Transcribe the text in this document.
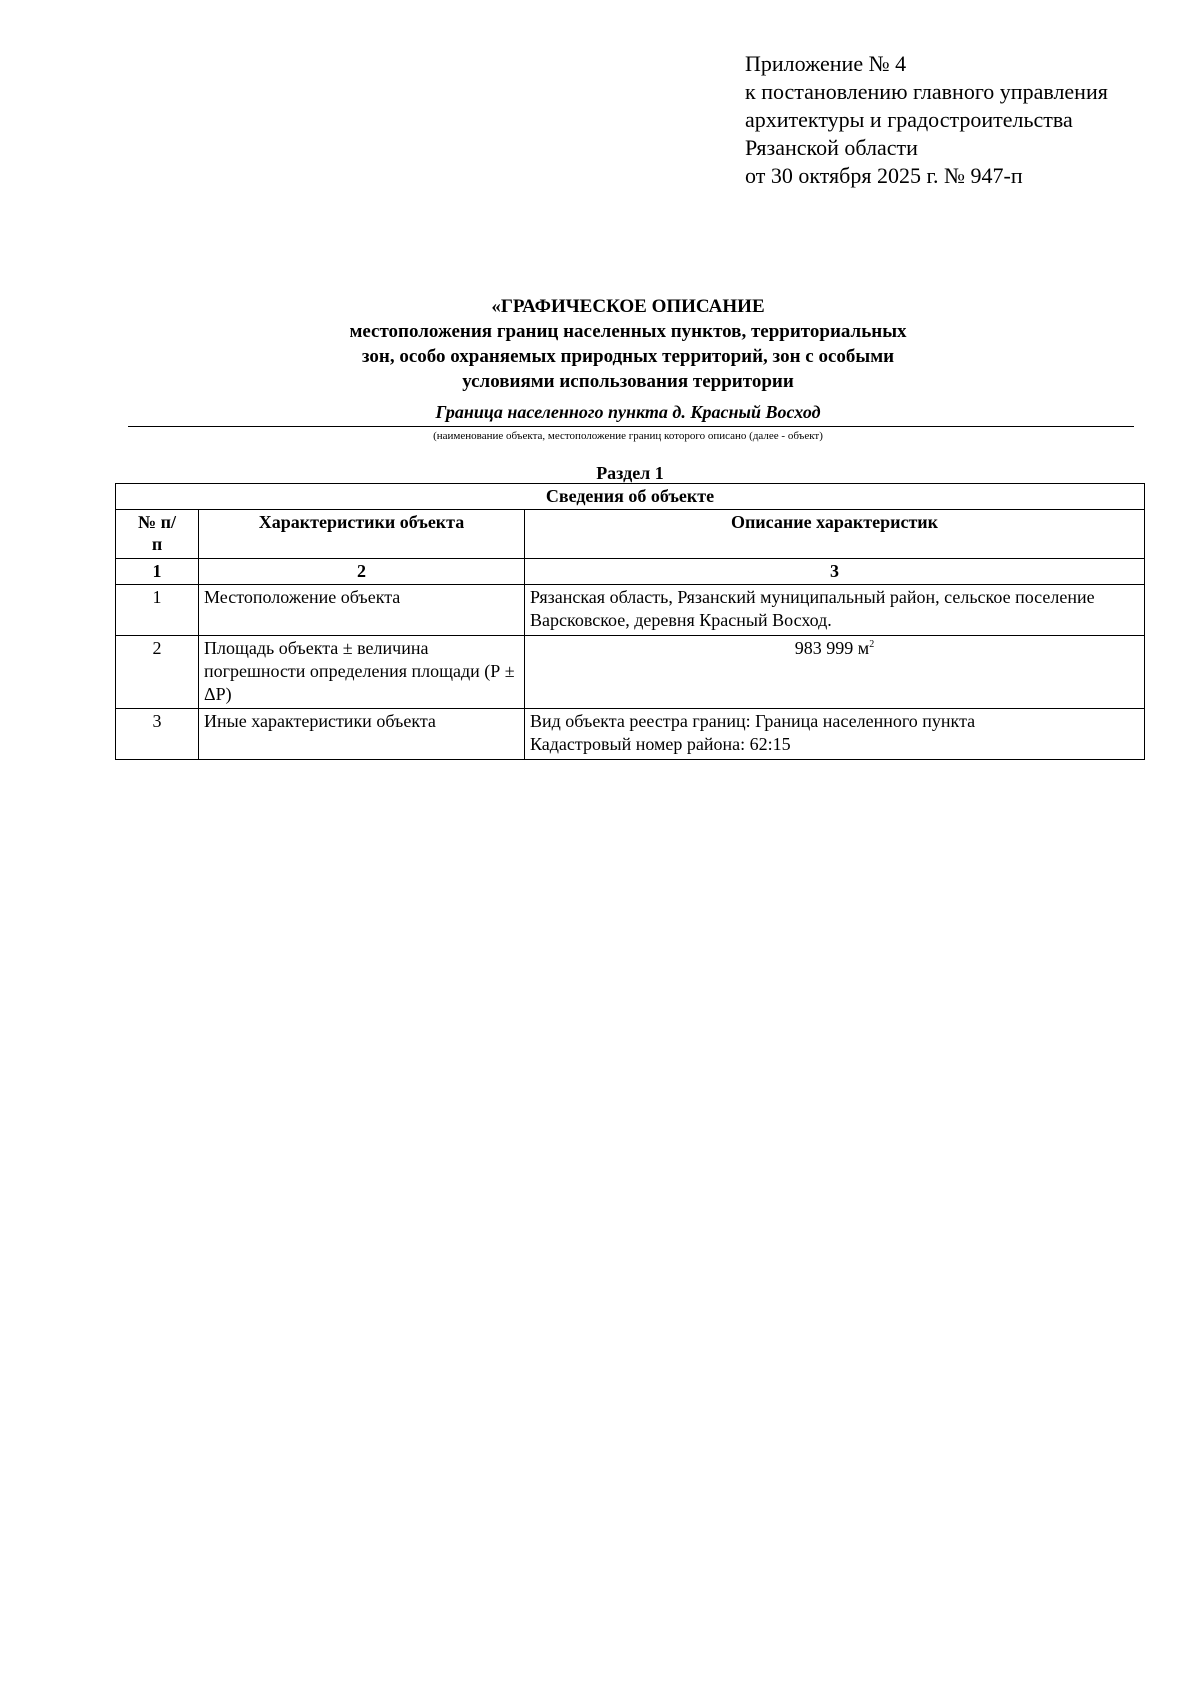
Приложение № 4
к постановлению главного управления
архитектуры и градостроительства
Рязанской области
от 30 октября 2025 г. № 947-п
«ГРАФИЧЕСКОЕ ОПИСАНИЕ
местоположения границ населенных пунктов, территориальных
зон, особо охраняемых природных территорий, зон с особыми
условиями использования территории
Граница населенного пункта д. Красный Восход
(наименование объекта, местоположение границ которого описано (далее - объект)
Раздел 1
Сведения об объекте		
№ п/п	Характеристики объекта	Описание характеристик
1	2	3
1	Местоположение объекта	Рязанская область, Рязанский муниципальный район, сельское поселение Варсковское, деревня Красный Восход.
2	Площадь объекта ± величина погрешности определения площади (Р ± ΔР)	983 999 $м^2$
3	Иные характеристики объекта	Вид объекта реестра границ: Граница населенного пункта
Кадастровый номер района: 62:15
